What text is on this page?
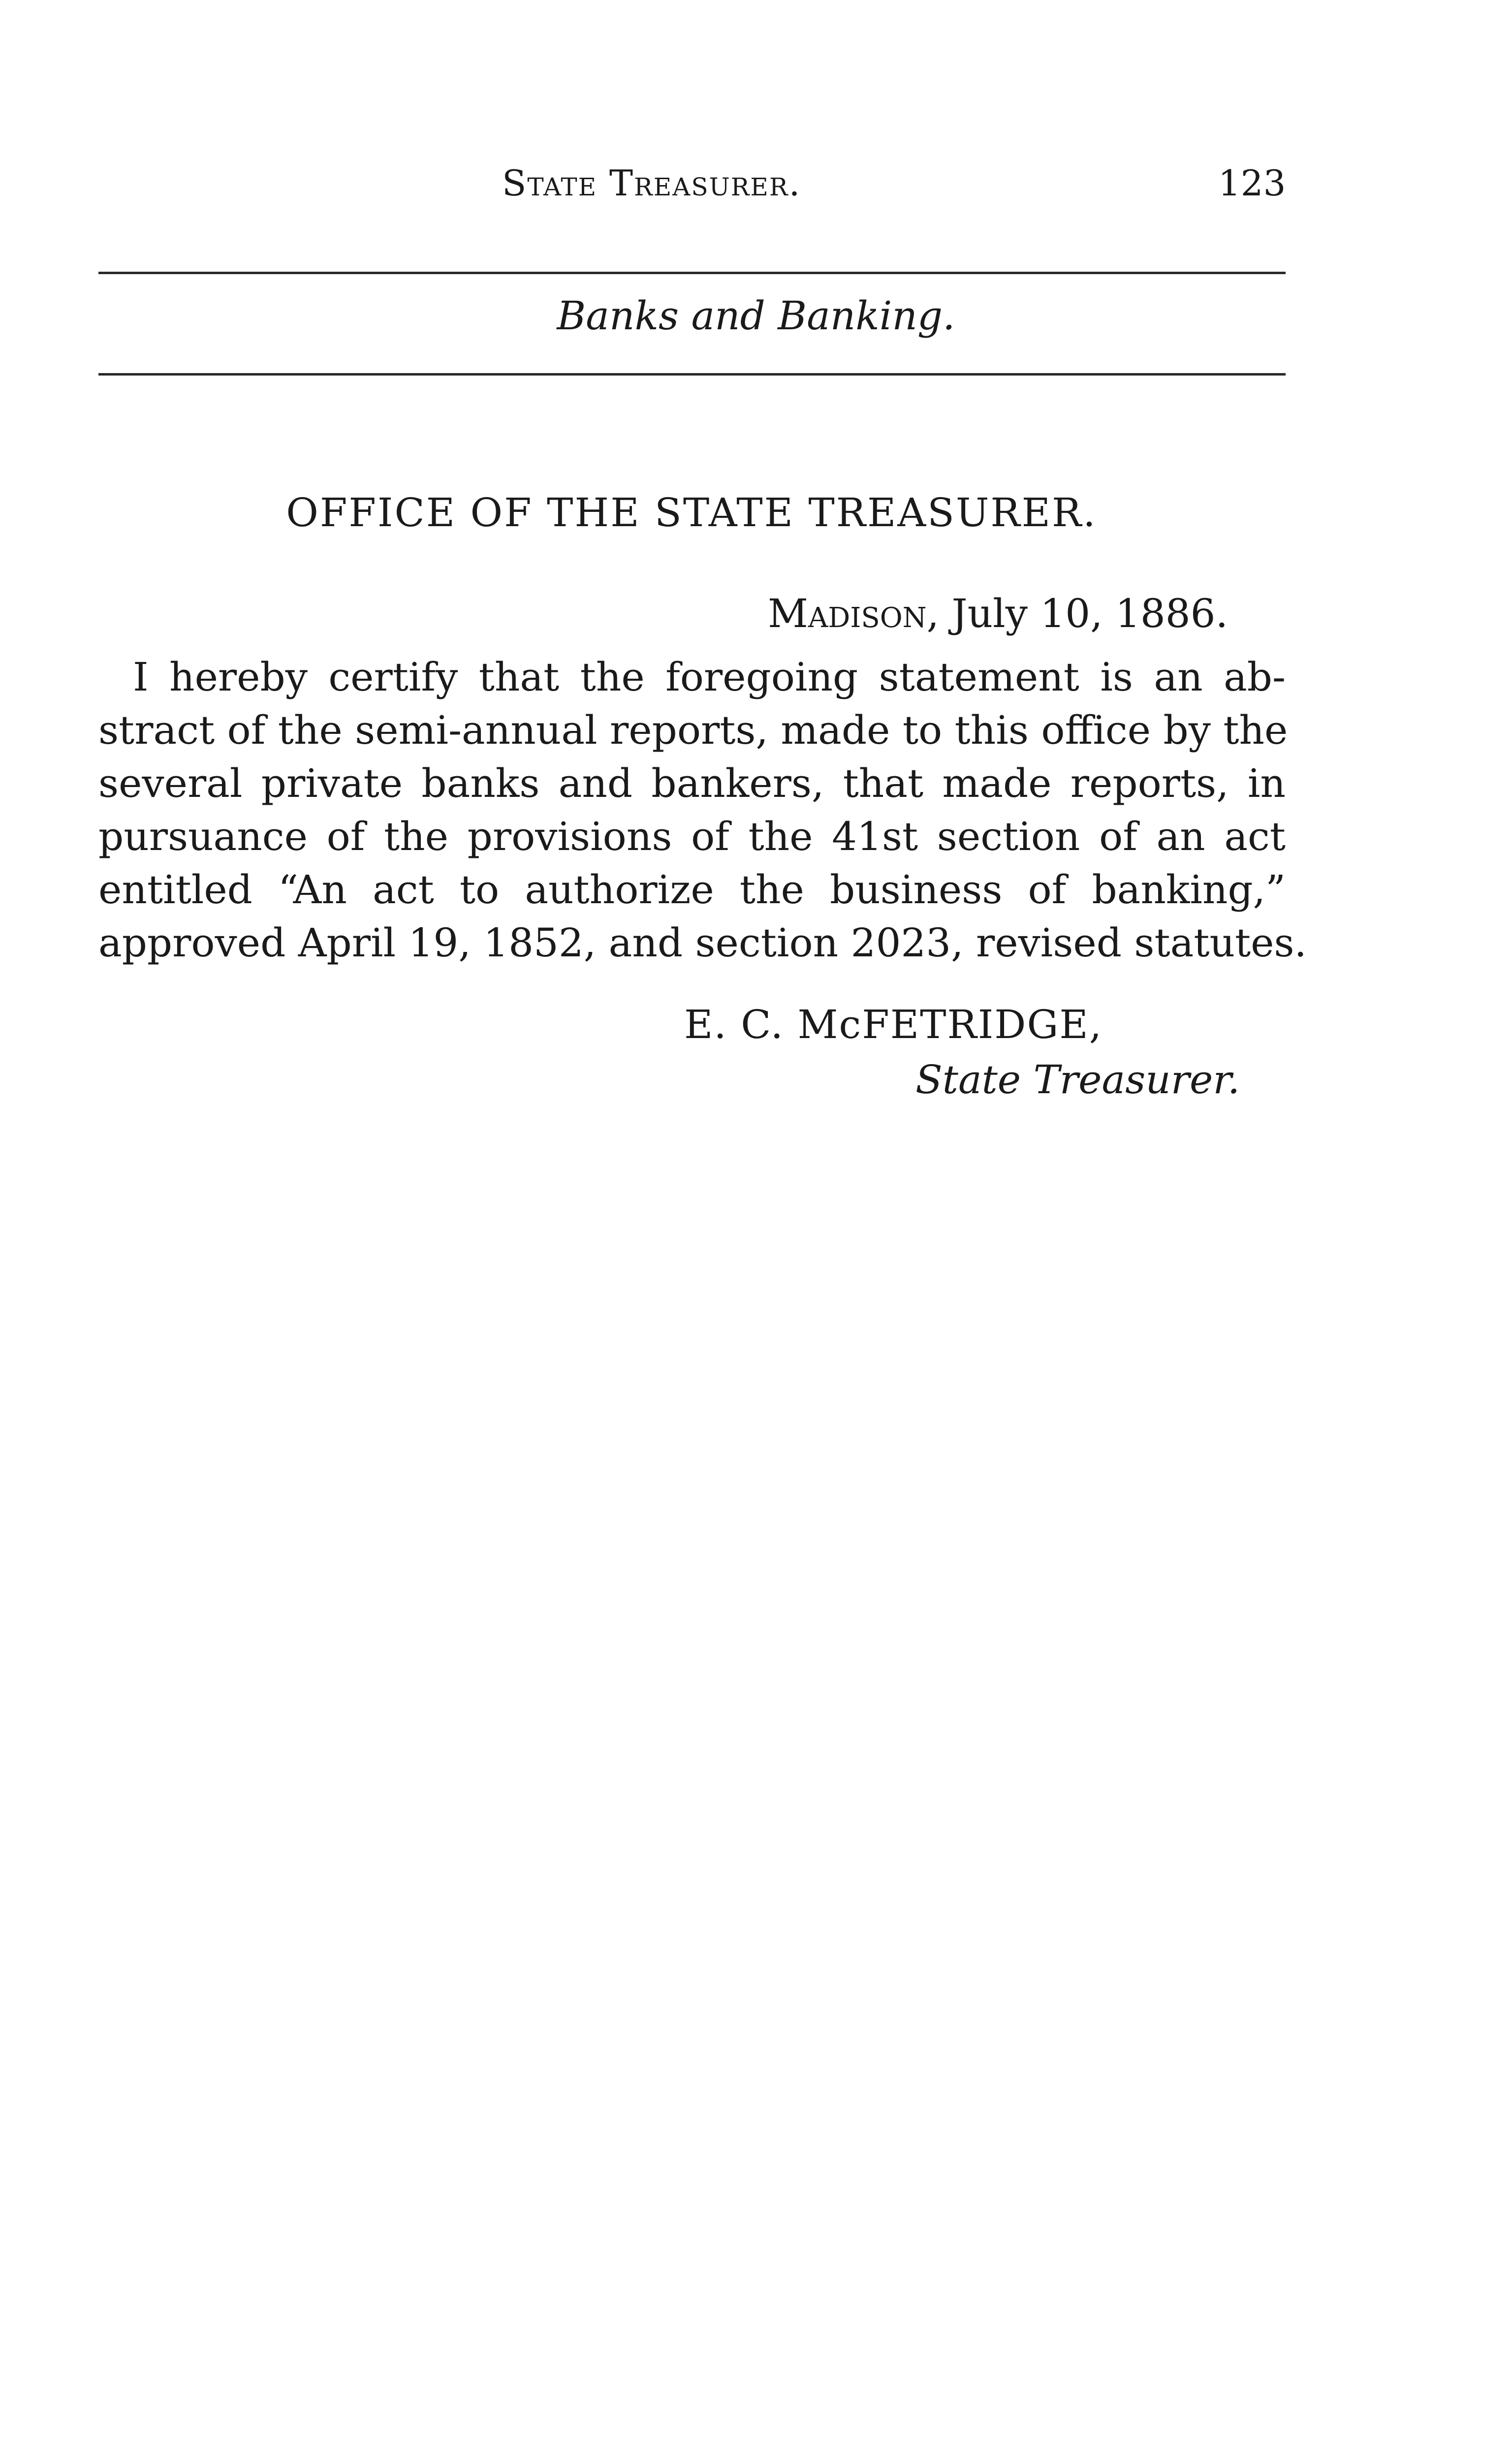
State Treasurer.	123
Banks and Banking.
OFFICE OF THE STATE TREASURER.
Madison, July 10, 1886.
I hereby certify that the foregoing statement is an ab-
stract of the semi-annual reports, made to this office by the
several private banks and bankers, that made reports, in
pursuance of the provisions of the 41st section of an act
entitled “An act to authorize the business of banking,”
approved April 19, 1852, and section 2023, revised statutes.
E. C. McFETRIDGE,
State Treasurer.
